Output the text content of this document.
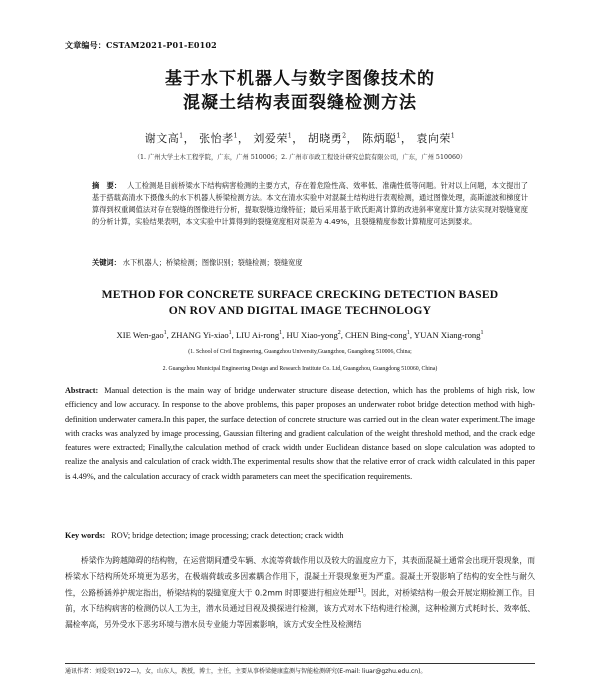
文章编号：CSTAM2021-P01-E0102
基于水下机器人与数字图像技术的
混凝土结构表面裂缝检测方法
谢文高$^1$， 张怡孝$^1$， 刘爱荣$^1$， 胡晓勇$^2$， 陈炳聪$^1$， 袁向荣$^1$
（1. 广州大学土木工程学院，广东，广州 510006；2. 广州市市政工程设计研究总院有限公司，广东，广州 510060）
摘　要： 人工检测是目前桥梁水下结构病害检测的主要方式，存在着危险性高、效率低、准确性低等问题。针对以上问题，本文提出了基于搭载高清水下摄像头的水下机器人桥梁检测方法。本文在清水实验中对混凝土结构进行表观检测，通过图像处理，高斯滤波和梯度计算得到权重阈值法对存在裂缝的图像进行分析，提取裂缝边缘特征；最后采用基于欧氏距离计算的改进斜率宽度计算方法实现对裂缝宽度的分析计算，实验结果表明，本文实验中计算得到的裂缝宽度相对误差为 4.49%，且裂缝精度参数计算精度可达到要求。
关键词： 水下机器人；桥梁检测；图像识别；裂缝检测；裂缝宽度
METHOD FOR CONCRETE SURFACE CRECKING DETECTION BASED
ON ROV AND DIGITAL IMAGE TECHNOLOGY
XIE Wen-gao$^1$, ZHANG Yi-xiao$^1$, LIU Ai-rong$^1$, HU Xiao-yong$^2$, CHEN Bing-cong$^1$, YUAN Xiang-rong$^1$
(1. School of Civil Engineering, Guangzhou University,Guangzhou, Guangdong 510006, China;
2. Guangzhou Municipal Engineering Design and Research Institute Co. Ltd, Guangzhou, Guangdong 510060, China)
Abstract: Manual detection is the main way of bridge underwater structure disease detection, which has the problems of high risk, low efficiency and low accuracy. In response to the above problems, this paper proposes an underwater robot bridge detection method with high-definition underwater camera.In this paper, the surface detection of concrete structure was carried out in the clean water experiment.The image with cracks was analyzed by image processing, Gaussian filtering and gradient calculation of the weight threshold method, and the crack edge features were extracted; Finally,the calculation method of crack width under Euclidean distance based on slope calculation was adopted to realize the analysis and calculation of crack width.The experimental results show that the relative error of crack width calculated in this paper is 4.49%, and the calculation accuracy of crack width parameters can meet the specification requirements.
Key words: ROV; bridge detection; image processing; crack detection; crack width
桥梁作为跨越障碍的结构物，在运营期间遭受车辆、水流等荷载作用以及较大的温度应力下，其表面混凝土通常会出现开裂现象，而桥梁水下结构所处环境更为恶劣，在极端荷载或多因素耦合作用下，混凝土开裂现象更为严重。混凝土开裂影响了结构的安全性与耐久性，公路桥涵养护规定指出，桥梁结构的裂缝宽度大于 0.2mm 时即要进行相应处理[1]。因此，对桥梁结构一般会开展定期检测工作。目前，水下结构病害的检测仍以人工为主，潜水员通过目视及摸探进行检测，该方式对水下结构进行检测，这种检测方式耗时长、效率低、漏检率高，另外受水下恶劣环境与潜水员专业能力等因素影响，该方式安全性及检测结
通讯作者：刘爱荣(1972—)，女，山东人，教授，博士，主任，主要从事桥梁健康监测与智能检测研究(E-mail: liuar@gzhu.edu.cn)。
